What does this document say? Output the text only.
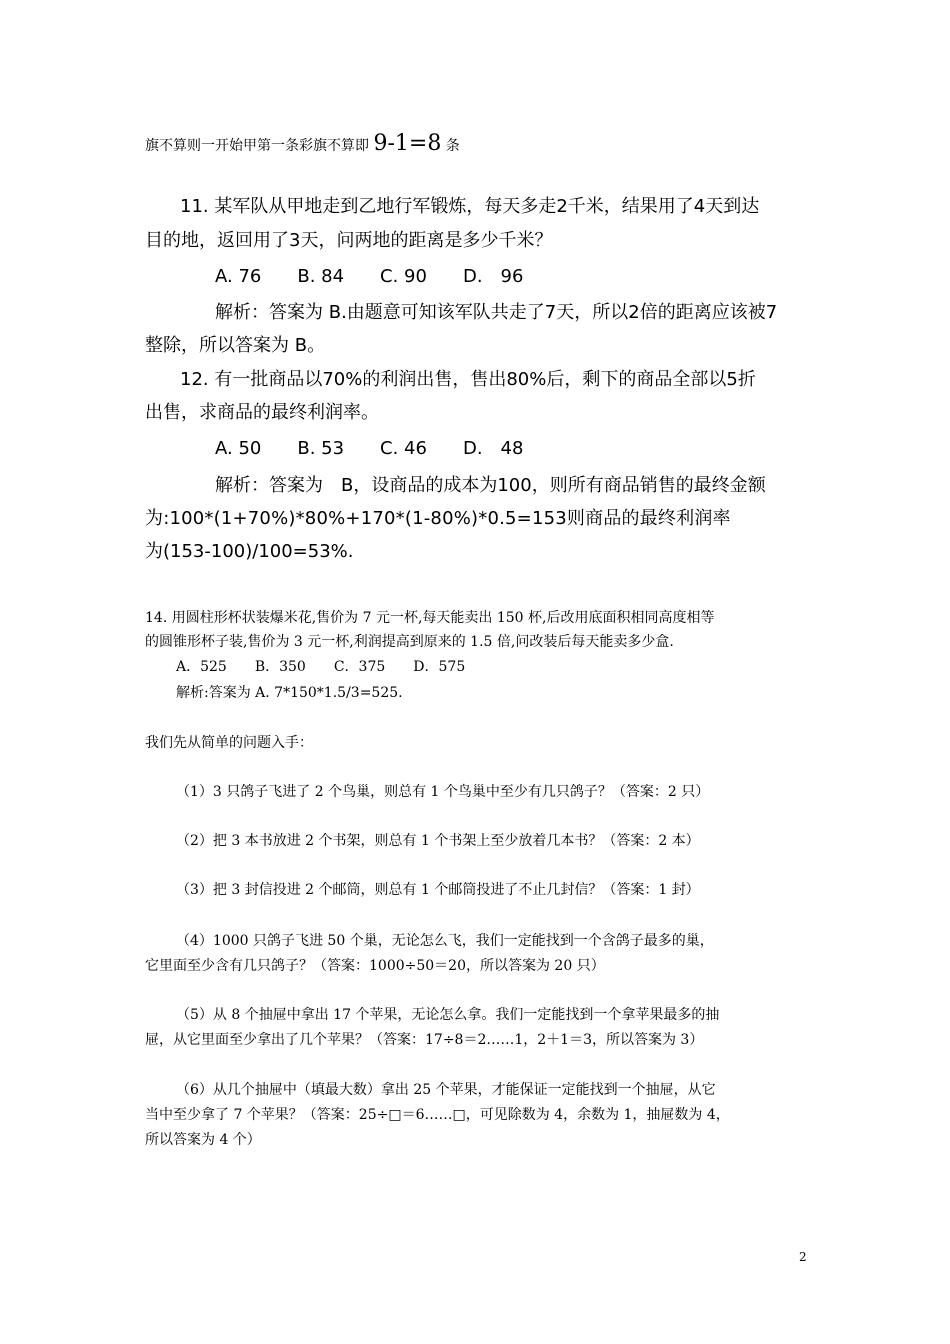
旗不算则一开始甲第一条彩旗不算即 9-1=8 条
11. 某军队从甲地走到乙地行军锻炼，每天多走2千米，结果用了4天到达
目的地，返回用了3天，问两地的距离是多少千米？
A. 76　　B. 84　　C. 90　　D.　96
解析：答案为 B.由题意可知该军队共走了7天，所以2倍的距离应该被7
整除，所以答案为 B。
12. 有一批商品以70%的利润出售，售出80%后，剩下的商品全部以5折
出售，求商品的最终利润率。
A. 50　　B. 53　　C. 46　　D.　48
解析：答案为　B，设商品的成本为100，则所有商品销售的最终金额
为:100*(1+70%)*80%+170*(1-80%)*0.5=153则商品的最终利润率
为(153-100)/100=53%.
14. 用圆柱形杯状装爆米花,售价为 7 元一杯,每天能卖出 150 杯,后改用底面积相同高度相等
的圆锥形杯子装,售价为 3 元一杯,利润提高到原来的 1.5 倍,问改装后每天能卖多少盒.
A．525　　B．350　　C．375　　D．575
解析:答案为 A. 7*150*1.5/3=525.
我们先从简单的问题入手：
（1）3 只鸽子飞进了 2 个鸟巢，则总有 1 个鸟巢中至少有几只鸽子？（答案：2 只）
（2）把 3 本书放进 2 个书架，则总有 1 个书架上至少放着几本书？（答案：2 本）
（3）把 3 封信投进 2 个邮筒，则总有 1 个邮筒投进了不止几封信？（答案：1 封）
（4）1000 只鸽子飞进 50 个巢，无论怎么飞，我们一定能找到一个含鸽子最多的巢，
它里面至少含有几只鸽子？（答案：1000÷50＝20，所以答案为 20 只）
（5）从 8 个抽屉中拿出 17 个苹果，无论怎么拿。我们一定能找到一个拿苹果最多的抽
屉，从它里面至少拿出了几个苹果？（答案：17÷8＝2……1，2＋1＝3，所以答案为 3）
（6）从几个抽屉中（填最大数）拿出 25 个苹果，才能保证一定能找到一个抽屉，从它
当中至少拿了 7 个苹果？（答案：25÷□＝6……□，可见除数为 4，余数为 1，抽屉数为 4，
所以答案为 4 个）
2
